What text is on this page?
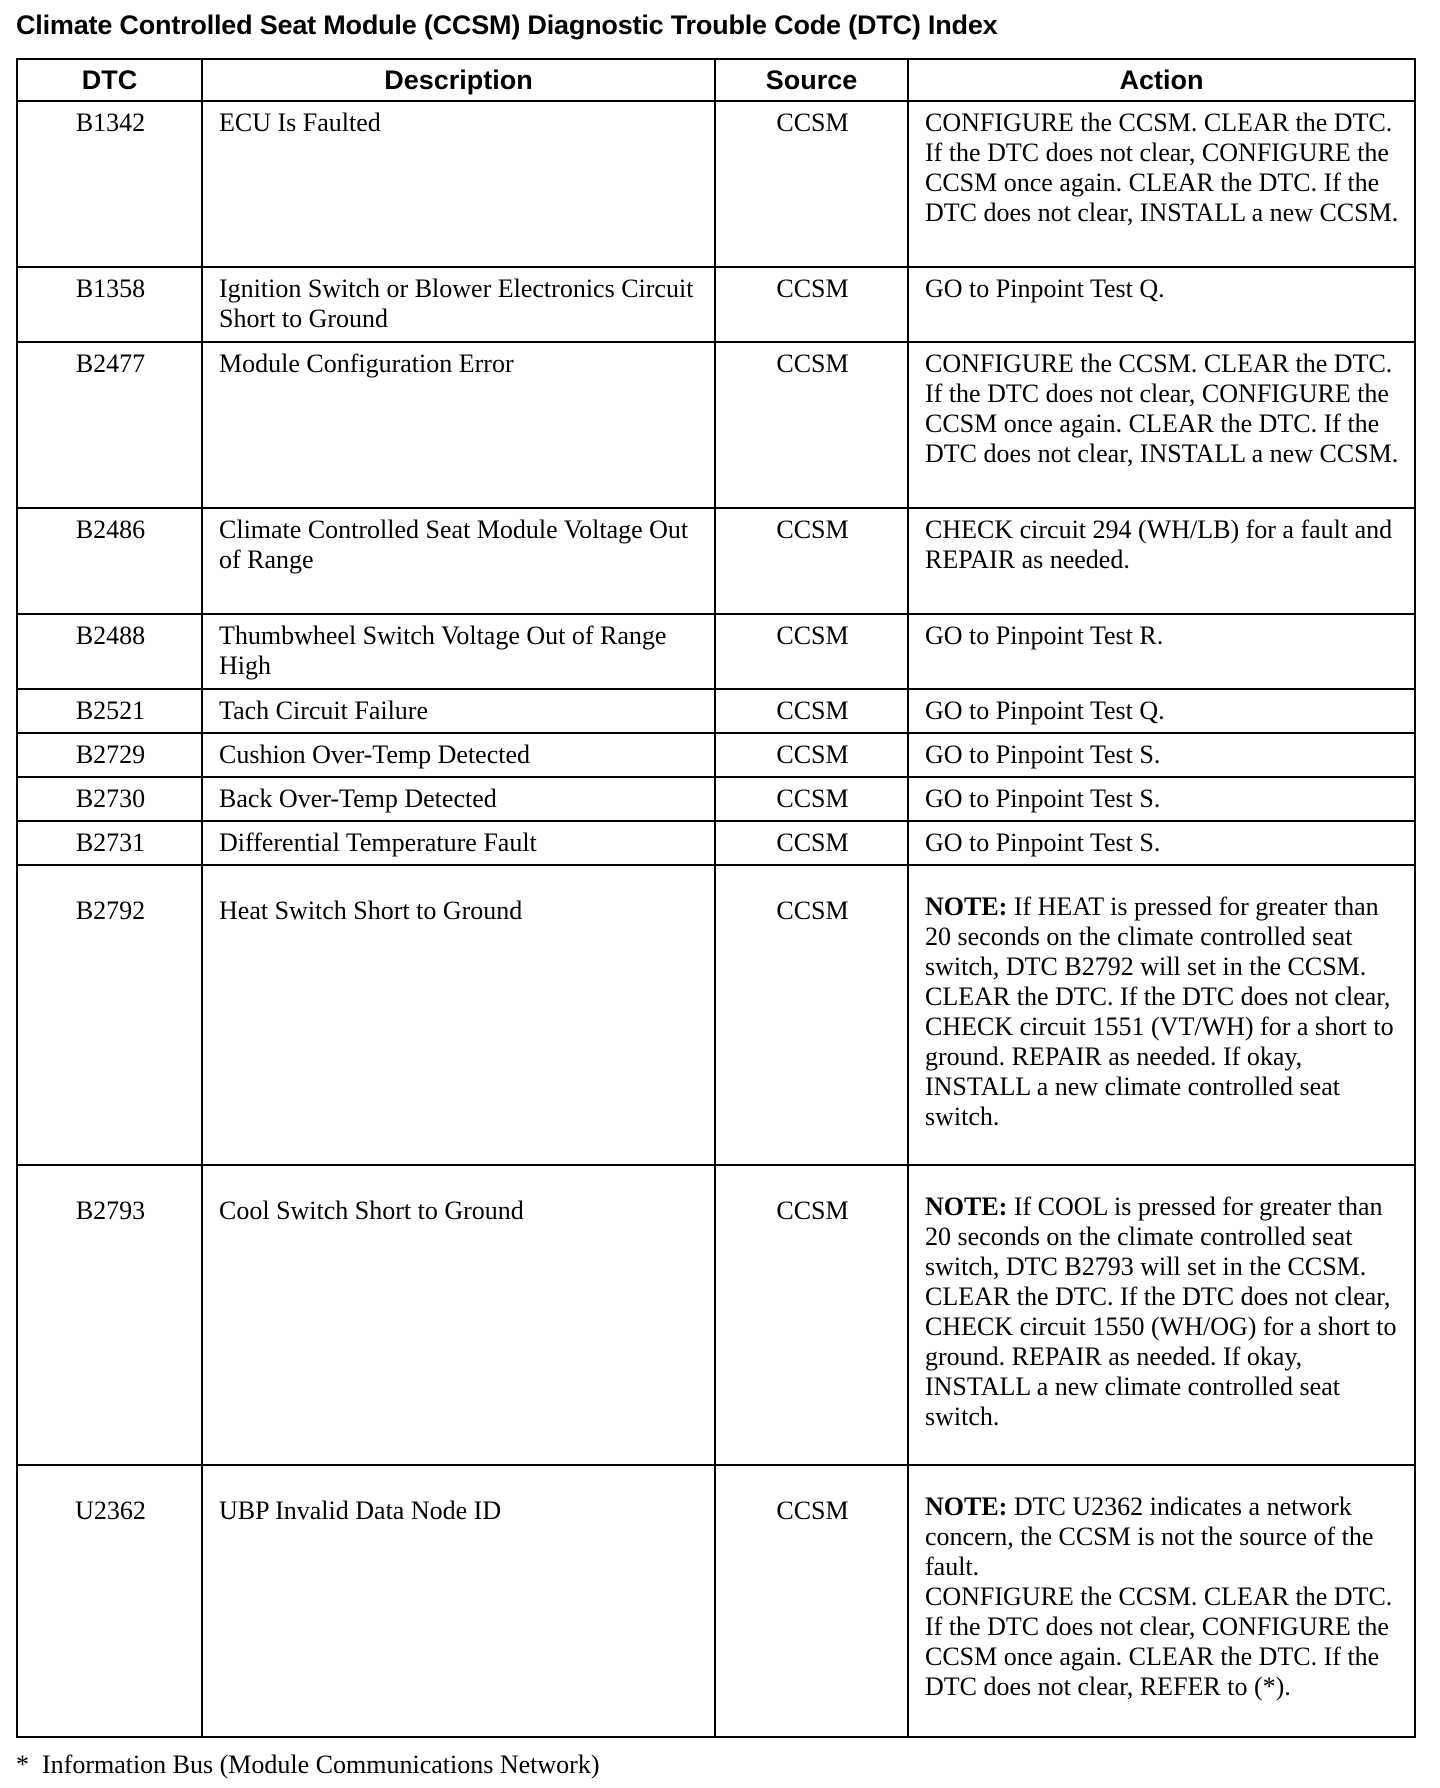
Climate Controlled Seat Module (CCSM) Diagnostic Trouble Code (DTC) Index
DTC	Description	Source	Action
B1342	ECU Is Faulted	CCSM	CONFIGURE the CCSM. CLEAR the DTC. If the DTC does not clear, CONFIGURE the CCSM once again. CLEAR the DTC. If the DTC does not clear, INSTALL a new CCSM.
B1358	Ignition Switch or Blower Electronics Circuit Short to Ground	CCSM	GO to Pinpoint Test Q.
B2477	Module Configuration Error	CCSM	CONFIGURE the CCSM. CLEAR the DTC. If the DTC does not clear, CONFIGURE the CCSM once again. CLEAR the DTC. If the DTC does not clear, INSTALL a new CCSM.
B2486	Climate Controlled Seat Module Voltage Out of Range	CCSM	CHECK circuit 294 (WH/LB) for a fault and REPAIR as needed.
B2488	Thumbwheel Switch Voltage Out of Range High	CCSM	GO to Pinpoint Test R.
B2521	Tach Circuit Failure	CCSM	GO to Pinpoint Test Q.
B2729	Cushion Over-Temp Detected	CCSM	GO to Pinpoint Test S.
B2730	Back Over-Temp Detected	CCSM	GO to Pinpoint Test S.
B2731	Differential Temperature Fault	CCSM	GO to Pinpoint Test S.
B2792	Heat Switch Short to Ground	CCSM	NOTE: If HEAT is pressed for greater than 20 seconds on the climate controlled seat switch, DTC B2792 will set in the CCSM.
CLEAR the DTC. If the DTC does not clear, CHECK circuit 1551 (VT/WH) for a short to ground. REPAIR as needed. If okay, INSTALL a new climate controlled seat switch.

B2793	Cool Switch Short to Ground	CCSM	NOTE: If COOL is pressed for greater than 20 seconds on the climate controlled seat switch, DTC B2793 will set in the CCSM.
CLEAR the DTC. If the DTC does not clear, CHECK circuit 1550 (WH/OG) for a short to ground. REPAIR as needed. If okay, INSTALL a new climate controlled seat switch.

U2362	UBP Invalid Data Node ID	CCSM	NOTE: DTC U2362 indicates a network concern, the CCSM is not the source of the fault.
CONFIGURE the CCSM. CLEAR the DTC. If the DTC does not clear, CONFIGURE the CCSM once again. CLEAR the DTC. If the DTC does not clear, REFER to (*).
*  Information Bus (Module Communications Network)
